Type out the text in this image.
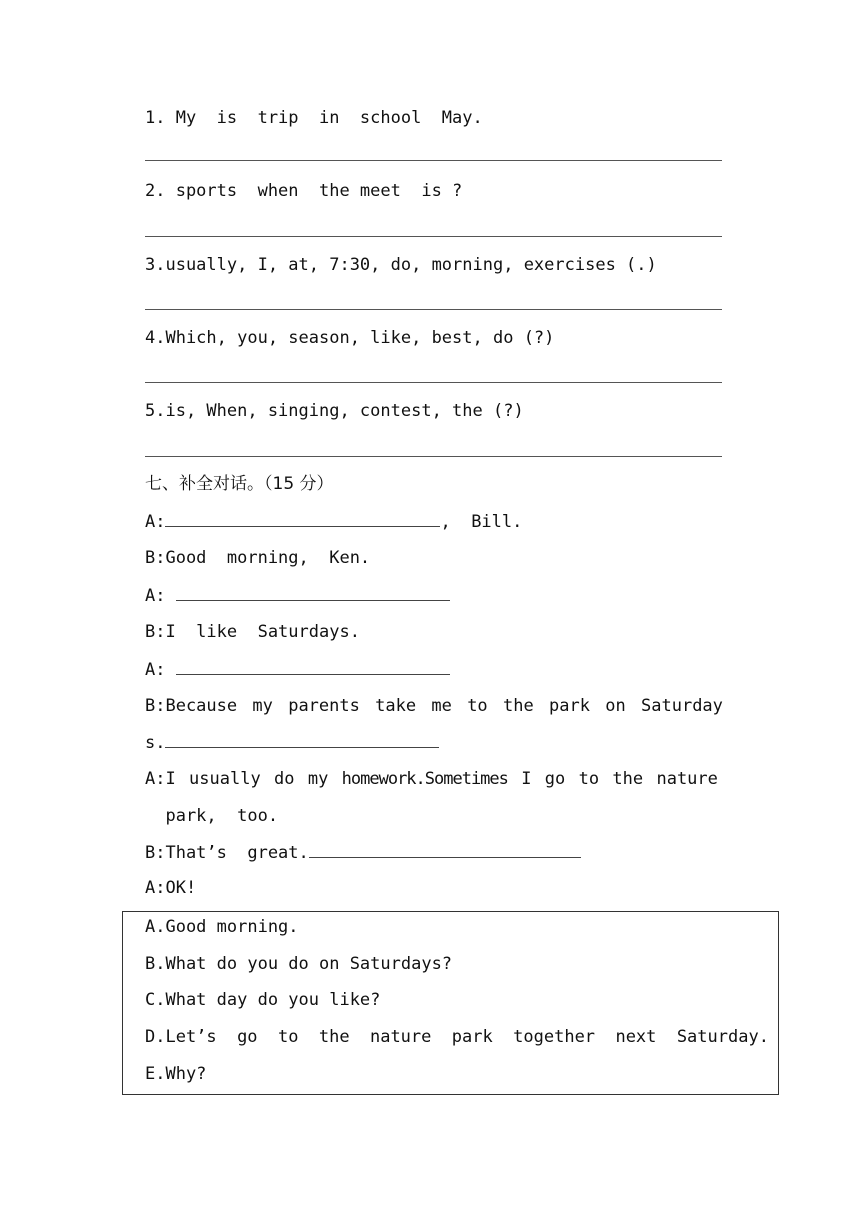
1. My  is  trip  in  school  May.
2. sports  when  the meet  is ?
3.usually, I, at, 7:30, do, morning, exercises (.)
4.Which, you, season, like, best, do (?)
5.is, When, singing, contest, the (?)
七、补全对话。（15 分）
A:	,  Bill.
B:Good  morning,  Ken.
A:
B:I  like  Saturdays.
A:
B:Because my parents take me to the park on Saturday
s.
A:I usually do my homework.Sometimes I go to the nature
park,  too.
B:That’s  great.
A:OK!
A.Good morning.
B.What do you do on Saturdays?
C.What day do you like?
D.Let’s go to the nature park together next Saturday.
E.Why?
